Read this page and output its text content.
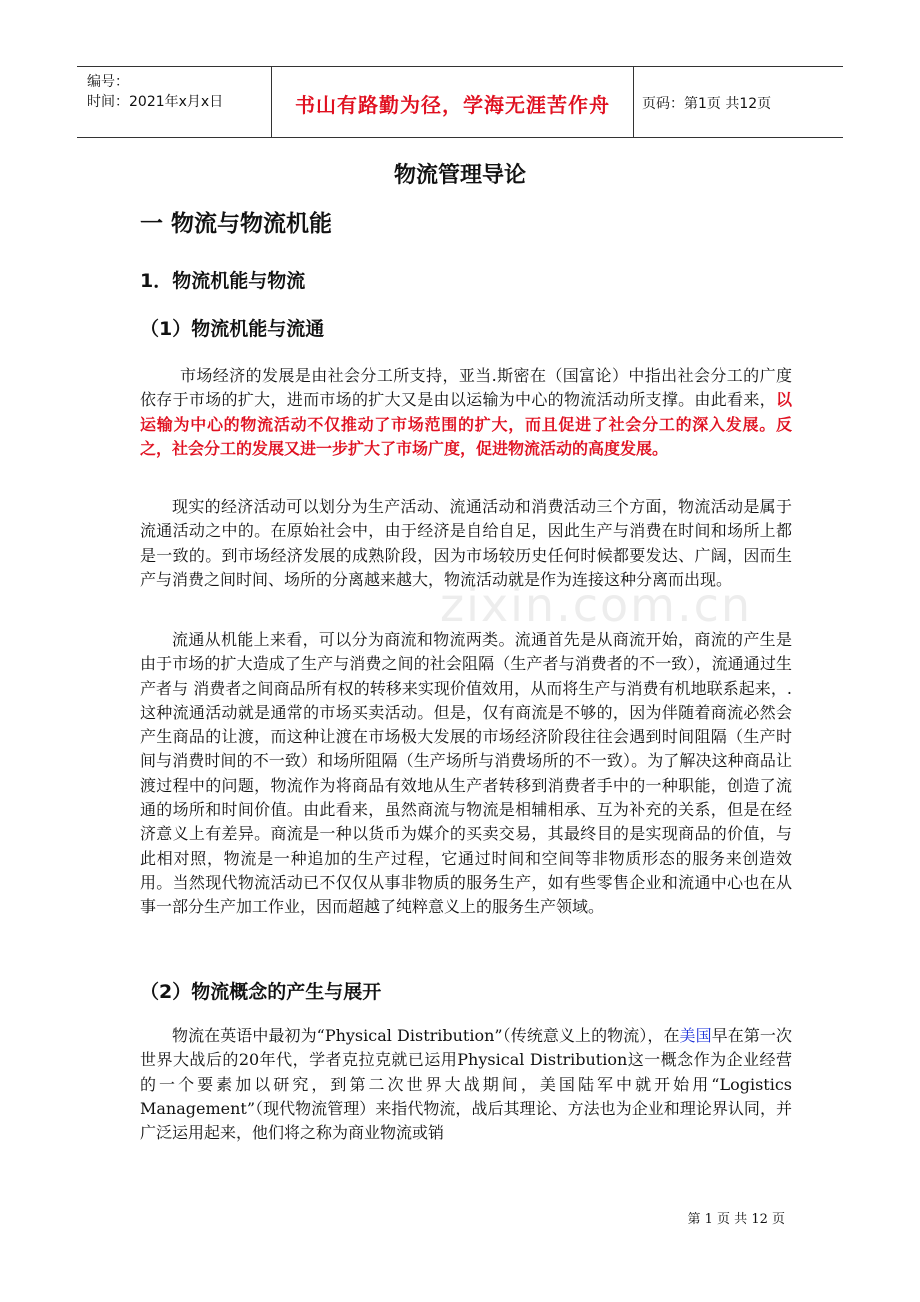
编号：
时间：2021年x月x日	书山有路勤为径，学海无涯苦作舟	页码：第1页 共12页
zixin.com.cn
物流管理导论
一 物流与物流机能
1．物流机能与物流
（1）物流机能与流通

市场经济的发展是由社会分工所支持，亚当.斯密在（国富论）中指出社会分工的广度依存于市场的扩大，进而市场的扩大又是由以运输为中心的物流活动所支撑。由此看来，以运输为中心的物流活动不仅推动了市场范围的扩大，而且促进了社会分工的深入发展。反之，社会分工的发展又进一步扩大了市场广度，促进物流活动的高度发展。

现实的经济活动可以划分为生产活动、流通活动和消费活动三个方面，物流活动是属于流通活动之中的。在原始社会中，由于经济是自给自足，因此生产与消费在时间和场所上都是一致的。到市场经济发展的成熟阶段，因为市场较历史任何时候都要发达、广阔，因而生产与消费之间时间、场所的分离越来越大，物流活动就是作为连接这种分离而出现。

流通从机能上来看，可以分为商流和物流两类。流通首先是从商流开始，商流的产生是由于市场的扩大造成了生产与消费之间的社会阻隔（生产者与消费者的不一致），流通通过生产者与 消费者之间商品所有权的转移来实现价值效用，从而将生产与消费有机地联系起来，.这种流通活动就是通常的市场买卖活动。但是，仅有商流是不够的，因为伴随着商流必然会产生商品的让渡，而这种让渡在市场极大发展的市场经济阶段往往会遇到时间阻隔（生产时间与消费时间的不一致）和场所阻隔（生产场所与消费场所的不一致）。为了解决这种商品让渡过程中的问题，物流作为将商品有效地从生产者转移到消费者手中的一种职能，创造了流通的场所和时间价值。由此看来，虽然商流与物流是相辅相承、互为补充的关系，但是在经济意义上有差异。商流是一种以货币为媒介的买卖交易，其最终目的是实现商品的价值，与此相对照，物流是一种追加的生产过程，它通过时间和空间等非物质形态的服务来创造效用。当然现代物流活动已不仅仅从事非物质的服务生产，如有些零售企业和流通中心也在从事一部分生产加工作业，因而超越了纯粹意义上的服务生产领域。

（2）物流概念的产生与展开

物流在英语中最初为“Physical Distribution”（传统意义上的物流），在美国早在第一次世界大战后的20年代，学者克拉克就已运用Physical Distribution这一概念作为企业经营的一个要素加以研究，到第二次世界大战期间，美国陆军中就开始用“Logistics Management”（现代物流管理）来指代物流，战后其理论、方法也为企业和理论界认同，并广泛运用起来，他们将之称为商业物流或销

第 1 页 共 12 页
